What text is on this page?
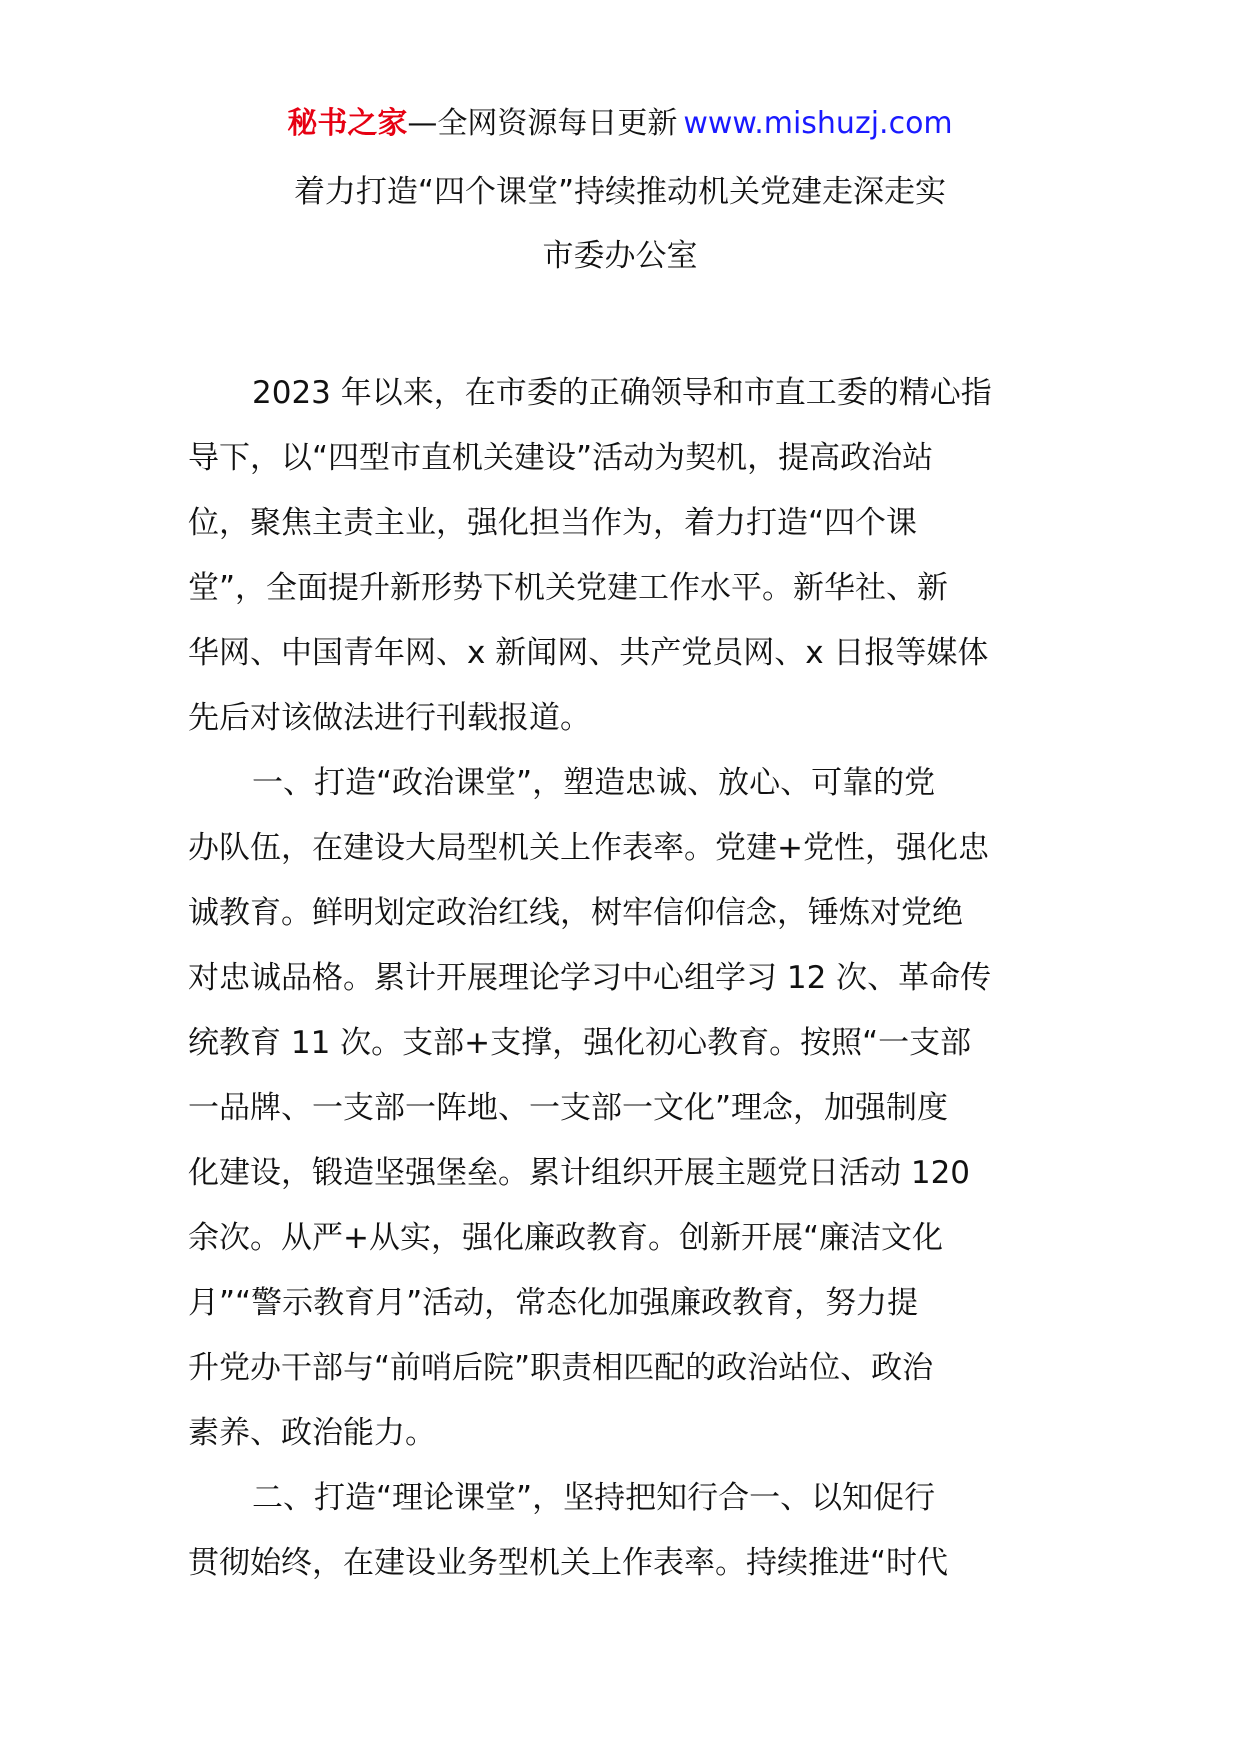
秘书之家—全网资源每日更新 www.mishuzj.com
着力打造“四个课堂”持续推动机关党建走深走实
市委办公室
2023 年以来，在市委的正确领导和市直工委的精心指
导下，以“四型市直机关建设”活动为契机，提高政治站
位，聚焦主责主业，强化担当作为，着力打造“四个课
堂”，全面提升新形势下机关党建工作水平。新华社、新
华网、中国青年网、x 新闻网、共产党员网、x 日报等媒体
先后对该做法进行刊载报道。
一、打造“政治课堂”，塑造忠诚、放心、可靠的党
办队伍，在建设大局型机关上作表率。党建+党性，强化忠
诚教育。鲜明划定政治红线，树牢信仰信念，锤炼对党绝
对忠诚品格。累计开展理论学习中心组学习 12 次、革命传
统教育 11 次。支部+支撑，强化初心教育。按照“一支部
一品牌、一支部一阵地、一支部一文化”理念，加强制度
化建设，锻造坚强堡垒。累计组织开展主题党日活动 120
余次。从严+从实，强化廉政教育。创新开展“廉洁文化
月”“警示教育月”活动，常态化加强廉政教育，努力提
升党办干部与“前哨后院”职责相匹配的政治站位、政治
素养、政治能力。
二、打造“理论课堂”，坚持把知行合一、以知促行
贯彻始终，在建设业务型机关上作表率。持续推进“时代
